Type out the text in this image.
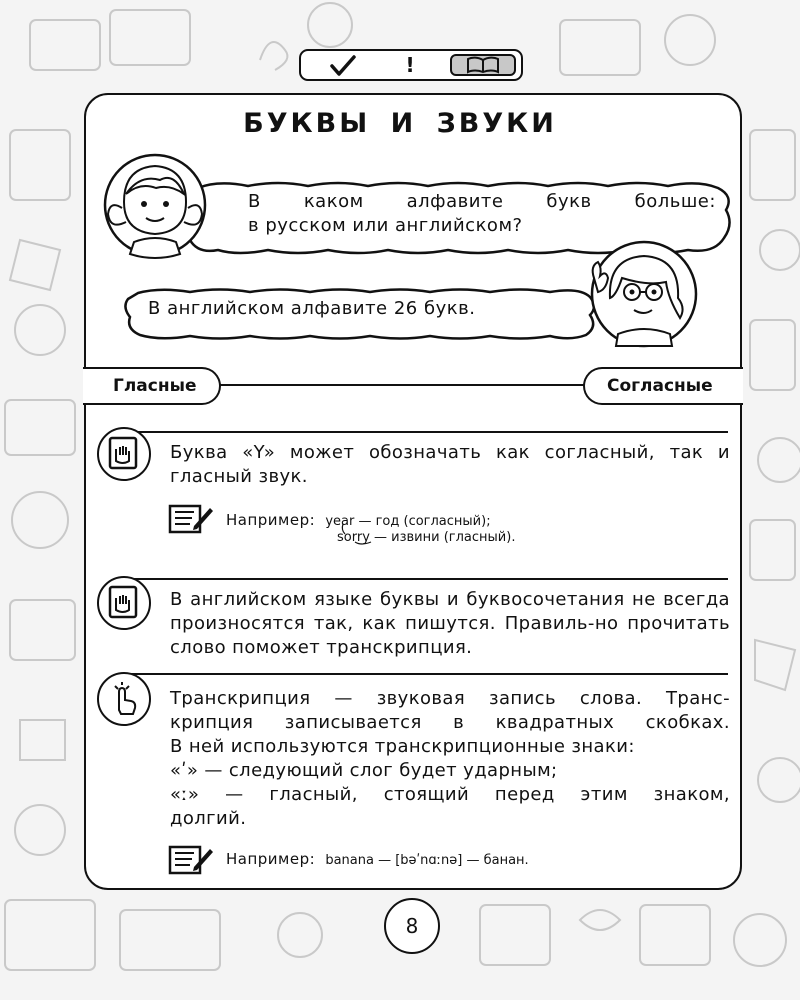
!
БУКВЫ И ЗВУКИ
В каком алфавите букв больше:
в русском или английском?
В английском алфавите 26 букв.
Гласные	Согласные
Буква «Y» может обозначать как согласный, так и гласный звук.
Например: year — год (согласный);
sorry — извини (гласный).
В английском языке буквы и буквосочетания не всегда произносятся так, как пишутся. Правиль-но прочитать слово поможет транскрипция.
Транскрипция — звуковая запись слова. Транс-
крипция записывается в квадратных скобках.
В ней используются транскрипционные знаки:
«ʹ» — следующий слог будет ударным;
«ː» — гласный, стоящий перед этим знаком,
долгий.
Например: banana — [bəʹnɑːnə] — банан.
8
